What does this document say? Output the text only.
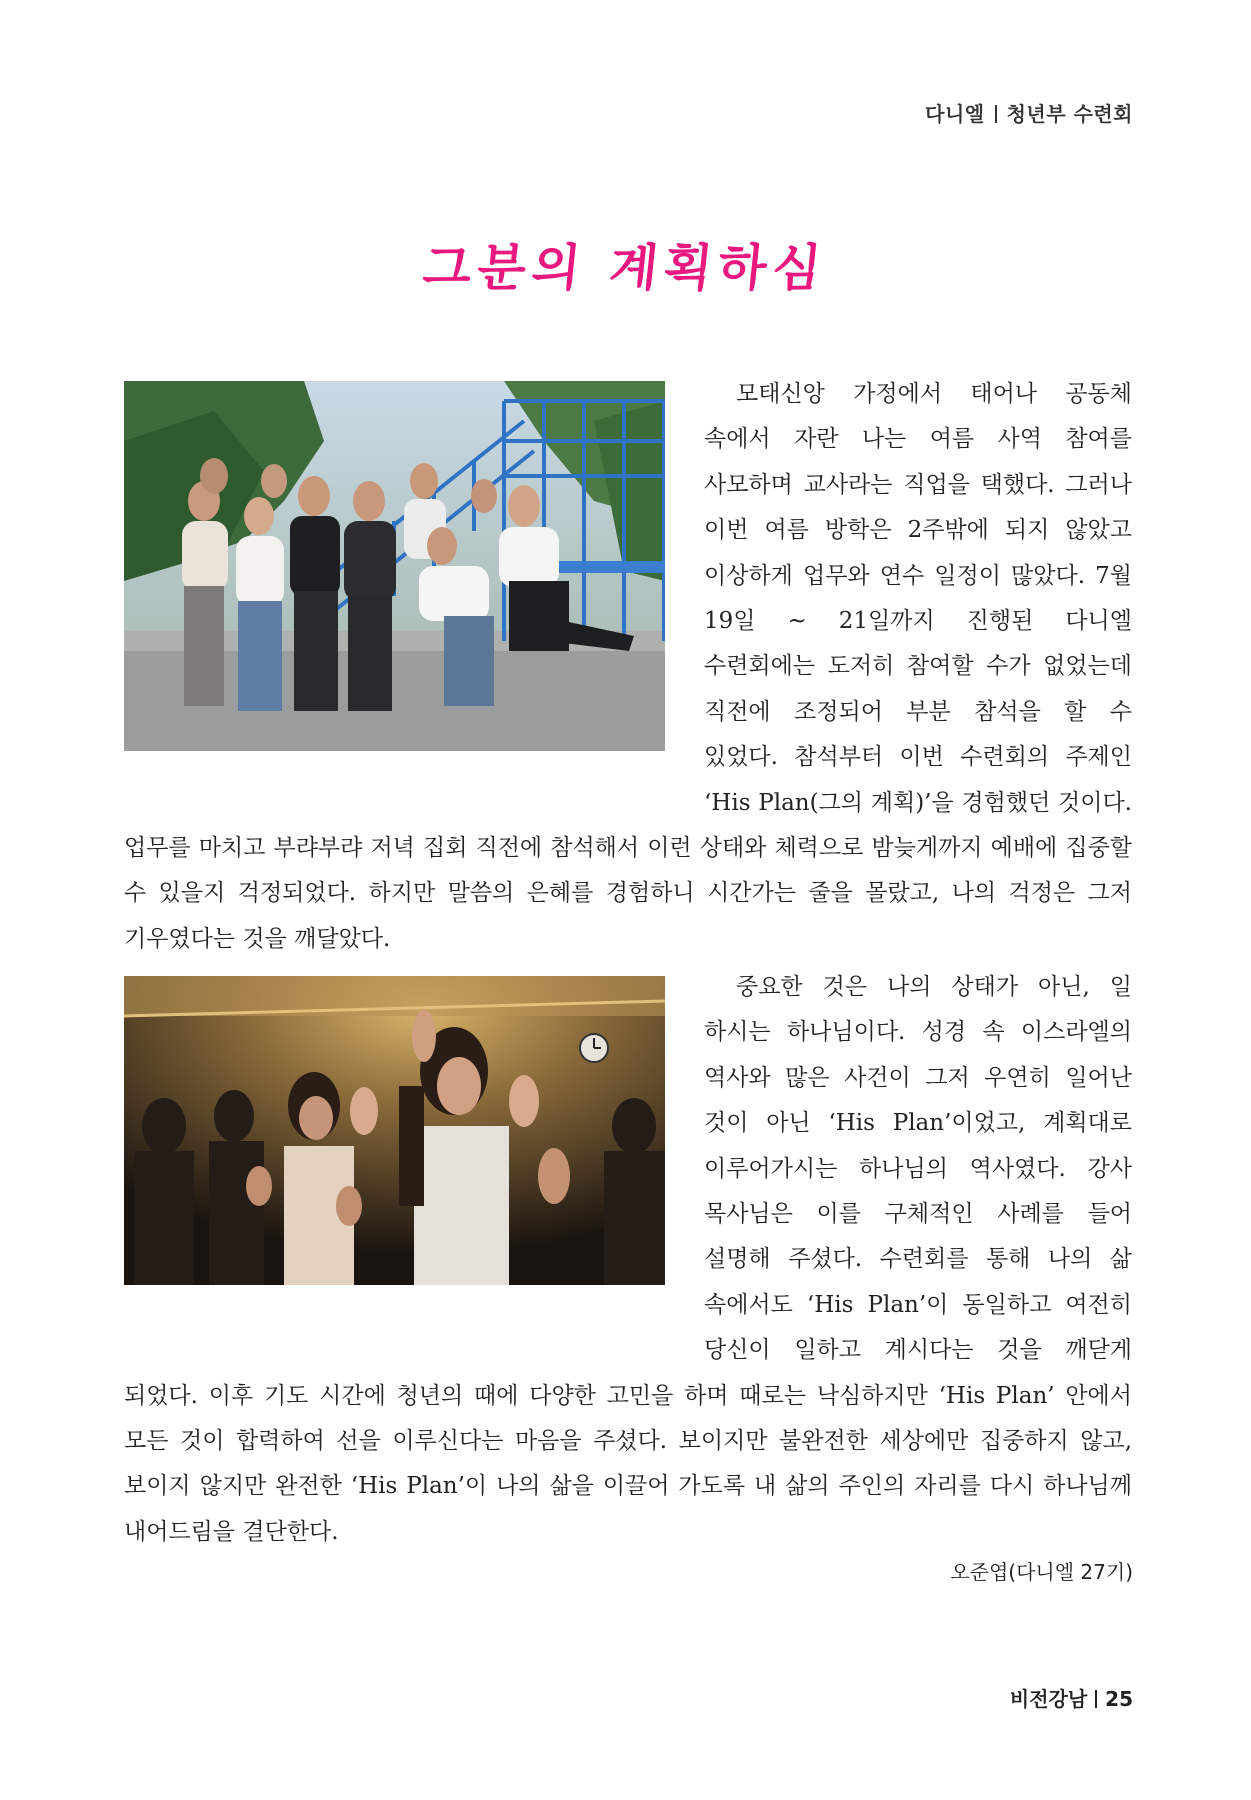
다니엘 청년부 수련회
그분의 계획하심
모태신앙 가정에서 태어나 공동체 속에서 자란 나는 여름 사역 참여를 사모하며 교사라는 직업을 택했다. 그러나 이번 여름 방학은 2주밖에 되지 않았고 이상하게 업무와 연수 일정이 많았다. 7월 19일 ~ 21일까지 진행된 다니엘 수련회에는 도저히 참여할 수가 없었는데 직전에 조정되어 부분 참석을 할 수 있었다. 참석부터 이번 수련회의 주제인 ‘His Plan(그의 계획)’을 경험했던 것이다. 업무를 마치고 부랴부랴 저녁 집회 직전에 참석해서 이런 상태와 체력으로 밤늦게까지 예배에 집중할 수 있을지 걱정되었다. 하지만 말씀의 은혜를 경험하니 시간가는 줄을 몰랐고, 나의 걱정은 그저 기우였다는 것을 깨달았다.
중요한 것은 나의 상태가 아닌, 일 하시는 하나님이다. 성경 속 이스라엘의 역사와 많은 사건이 그저 우연히 일어난 것이 아닌 ‘His Plan’이었고, 계획대로 이루어가시는 하나님의 역사였다. 강사 목사님은 이를 구체적인 사례를 들어 설명해 주셨다. 수련회를 통해 나의 삶 속에서도 ‘His Plan’이 동일하고 여전히 당신이 일하고 계시다는 것을 깨닫게 되었다. 이후 기도 시간에 청년의 때에 다양한 고민을 하며 때로는 낙심하지만 ‘His Plan’ 안에서 모든 것이 합력하여 선을 이루신다는 마음을 주셨다. 보이지만 불완전한 세상에만 집중하지 않고, 보이지 않지만 완전한 ‘His Plan’이 나의 삶을 이끌어 가도록 내 삶의 주인의 자리를 다시 하나님께 내어드림을 결단한다.
오준엽(다니엘 27기)
비전강남 25
